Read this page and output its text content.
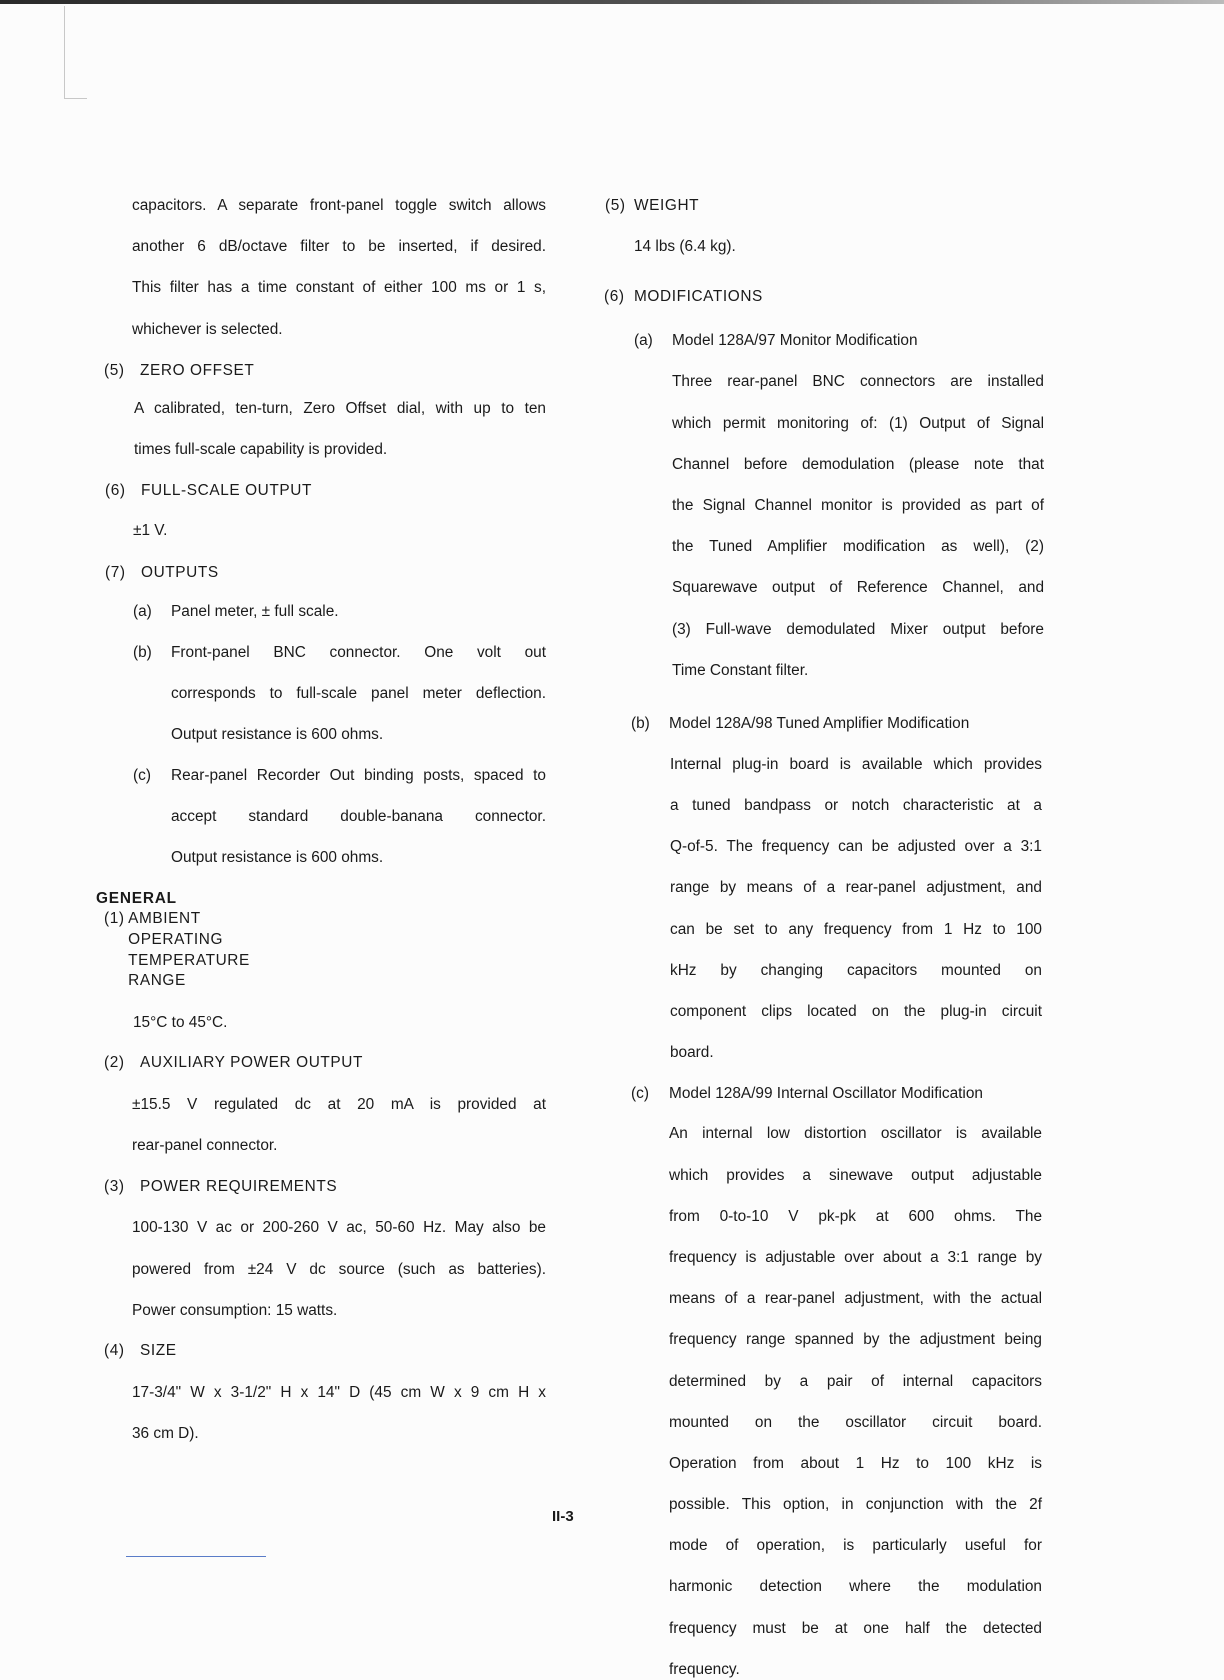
capacitors. A separate front-panel toggle switch allows

another 6 dB/octave filter to be inserted, if desired.

This filter has a time constant of either 100 ms or 1 s,

whichever is selected.

(5) ZERO OFFSET

A calibrated, ten-turn, Zero Offset dial, with up to ten

times full-scale capability is provided.

(6) FULL-SCALE OUTPUT

±1 V.

(7) OUTPUTS
(a)	Panel meter, ± full scale.

(b)	Front-panel BNC connector. One volt out

corresponds to full-scale panel meter deflection.

Output resistance is 600 ohms.

(c)	Rear-panel Recorder Out binding posts, spaced to

accept standard double-banana connector.

Output resistance is 600 ohms.

GENERAL

(1) AMBIENT OPERATING TEMPERATURE RANGE

15°C to 45°C.

(2) AUXILIARY POWER OUTPUT

±15.5 V regulated dc at 20 mA is provided at

rear-panel connector.

(3) POWER REQUIREMENTS

100-130 V ac or 200-260 V ac, 50-60 Hz. May also be

powered from ±24 V dc source (such as batteries).

Power consumption: 15 watts.

(4) SIZE

17-3/4" W x 3-1/2" H x 14" D (45 cm W x 9 cm H x

36 cm D).

(5) WEIGHT

14 lbs (6.4 kg).

(6) MODIFICATIONS
(a)	Model 128A/97 Monitor Modification

Three rear-panel BNC connectors are installed

which permit monitoring of: (1) Output of Signal

Channel before demodulation (please note that

the Signal Channel monitor is provided as part of

the Tuned Amplifier modification as well), (2)

Squarewave output of Reference Channel, and

(3) Full-wave demodulated Mixer output before

Time Constant filter.

(b)	Model 128A/98 Tuned Amplifier Modification

Internal plug-in board is available which provides

a tuned bandpass or notch characteristic at a

Q-of-5. The frequency can be adjusted over a 3:1

range by means of a rear-panel adjustment, and

can be set to any frequency from 1 Hz to 100

kHz by changing capacitors mounted on

component clips located on the plug-in circuit

board.

(c)	Model 128A/99 Internal Oscillator Modification

An internal low distortion oscillator is available

which provides a sinewave output adjustable

from 0-to-10 V pk-pk at 600 ohms. The

frequency is adjustable over about a 3:1 range by

means of a rear-panel adjustment, with the actual

frequency range spanned by the adjustment being

determined by a pair of internal capacitors

mounted on the oscillator circuit board.

Operation from about 1 Hz to 100 kHz is

possible. This option, in conjunction with the 2f

mode of operation, is particularly useful for

harmonic detection where the modulation

frequency must be at one half the detected

frequency.

II-3
